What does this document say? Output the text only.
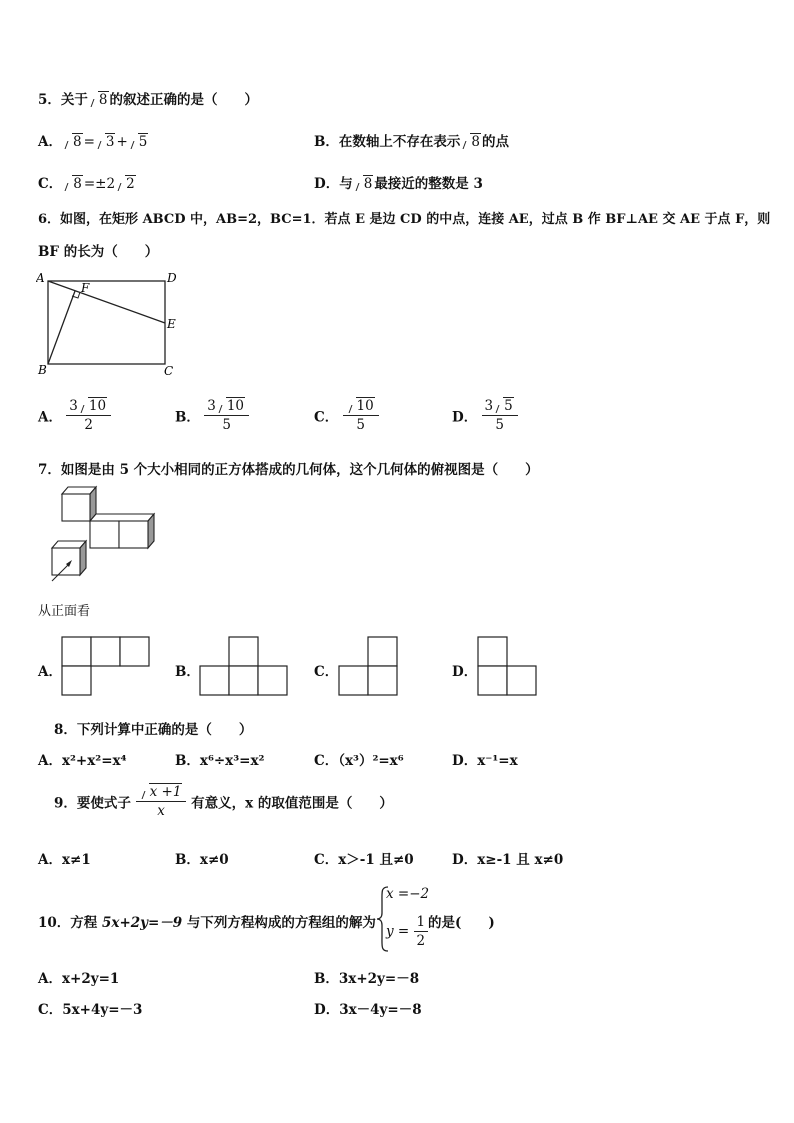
5．关于 8 的叙述正确的是（　　）
A． 8 = 3 + 5	B．在数轴上不存在表示 8 的点
C． 8 =±2 2	D．与 8 最接近的整数是 3
6．如图，在矩形 ABCD 中，AB=2，BC=1．若点 E 是边 CD 的中点，连接 AE，过点 B 作 BF⊥AE 交 AE 于点 F，则
BF 的长为（　　）
A	D
E
F
B	C
A． $\frac{3 10}{2}$	B． $\frac{3 10}{5}$	C． $\frac{10}{5}$	D． $\frac{3 5}{5}$
7．如图是由 5 个大小相同的正方体搭成的几何体，这个几何体的俯视图是（　　）
从正面看
A．	B．	C．	D．
8．下列计算中正确的是（　　）
A．x²+x²=x⁴	B．x⁶÷x³=x²	C．（x³）²=x⁶	D．x⁻¹=x
9．要使式子 $\frac{x +1}{x}$ 有意义，x 的取值范围是（　　）
A．x≠1	B．x≠0	C．x＞-1 且≠0	D．x≥-1 且 x≠0
10．方程 5x+2y=－9 与下列方程构成的方程组的解为
x =−2
$y = \frac{1}{2}$ 的是(　　)
A．x+2y=1	B．3x+2y=－8
C．5x+4y=－3	D．3x－4y=－8
